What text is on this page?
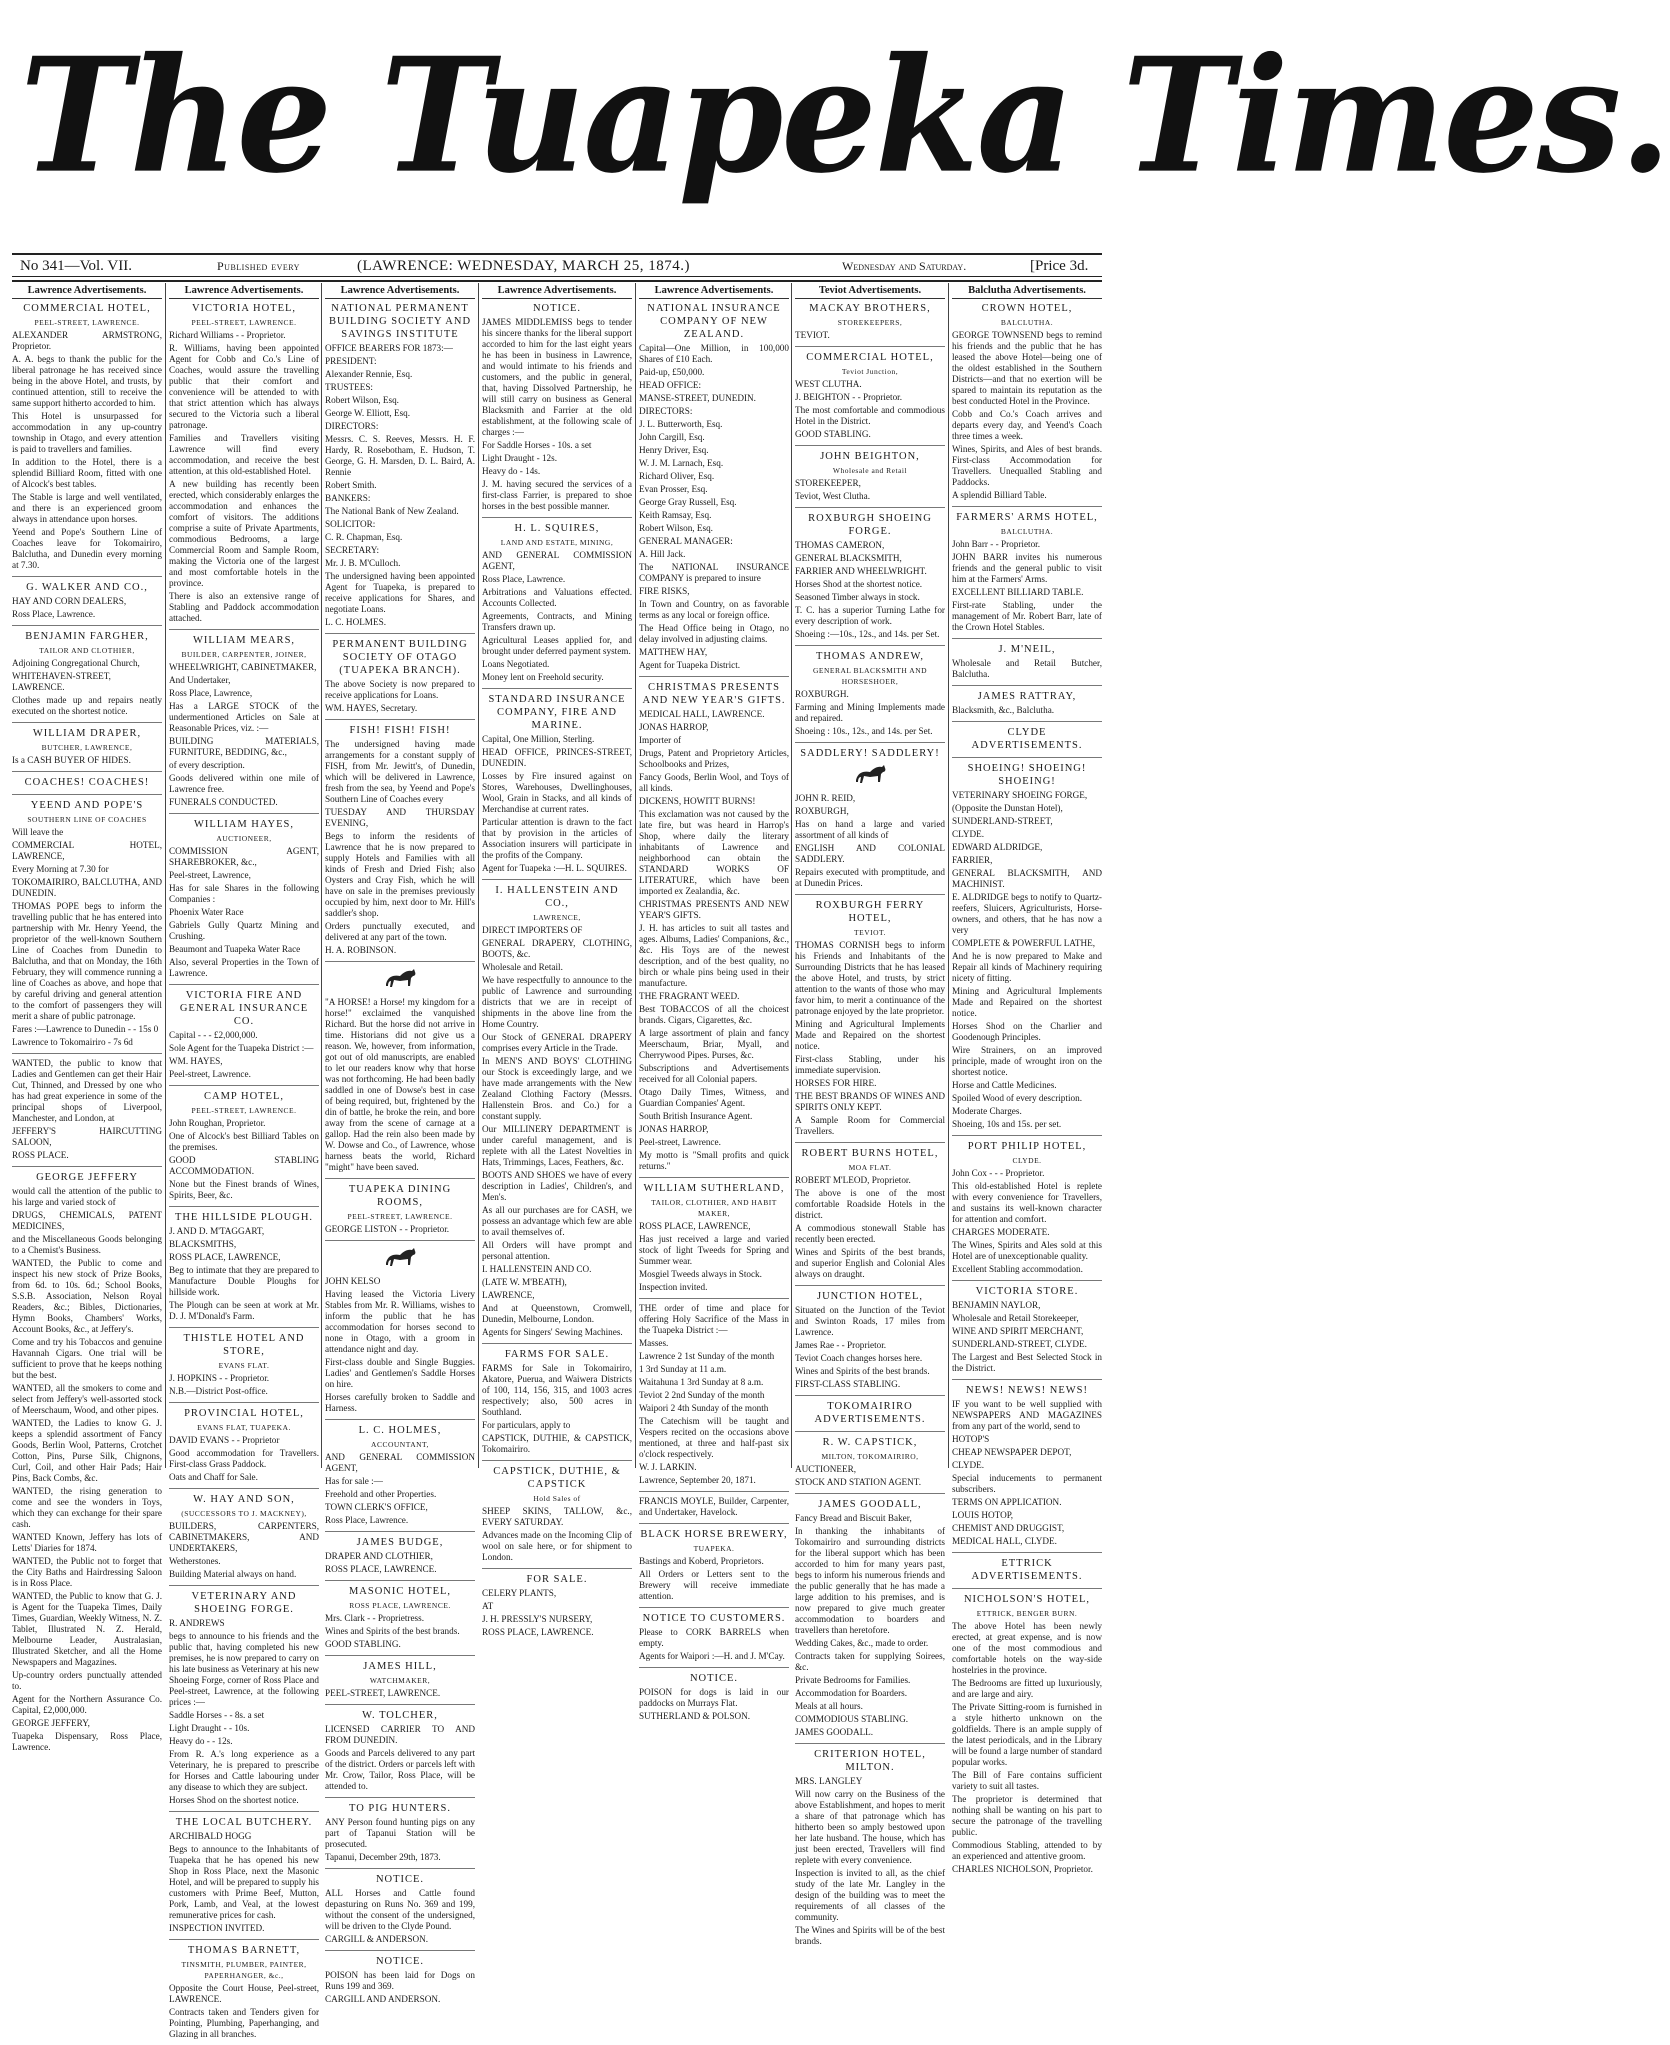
The Tuapeka Times.
No 341—Vol. VII.	Published every	(LAWRENCE: WEDNESDAY, MARCH 25, 1874.)	Wednesday and Saturday.	[Price 3d.
Lawrence Advertisements.
COMMERCIAL HOTEL,
PEEL-STREET, LAWRENCE.

ALEXANDER ARMSTRONG, Proprietor.

A. A. begs to thank the public for the liberal patronage he has received since being in the above Hotel, and trusts, by continued attention, still to receive the same support hitherto accorded to him.

This Hotel is unsurpassed for accommodation in any up-country township in Otago, and every attention is paid to travellers and families.

In addition to the Hotel, there is a splendid Billiard Room, fitted with one of Alcock's best tables.

The Stable is large and well ventilated, and there is an experienced groom always in attendance upon horses.

Yeend and Pope's Southern Line of Coaches leave for Tokomairiro, Balclutha, and Dunedin every morning at 7.30.

G. WALKER AND CO.,

HAY AND CORN DEALERS,

Ross Place, Lawrence.

BENJAMIN FARGHER,
TAILOR AND CLOTHIER,

Adjoining Congregational Church,

WHITEHAVEN-STREET, LAWRENCE.

Clothes made up and repairs neatly executed on the shortest notice.

WILLIAM DRAPER,
BUTCHER, LAWRENCE,

Is a CASH BUYER OF HIDES.

COACHES! COACHES!
YEEND AND POPE'S
SOUTHERN LINE OF COACHES

Will leave the

COMMERCIAL HOTEL, LAWRENCE,

Every Morning at 7.30 for

TOKOMAIRIRO, BALCLUTHA, AND DUNEDIN.

THOMAS POPE begs to inform the travelling public that he has entered into partnership with Mr. Henry Yeend, the proprietor of the well-known Southern Line of Coaches from Dunedin to Balclutha, and that on Monday, the 16th February, they will commence running a line of Coaches as above, and hope that by careful driving and general attention to the comfort of passengers they will merit a share of public patronage.

Fares :—Lawrence to Dunedin - - 15s 0

Lawrence to Tokomairiro - 7s 6d

WANTED, the public to know that Ladies and Gentlemen can get their Hair Cut, Thinned, and Dressed by one who has had great experience in some of the principal shops of Liverpool, Manchester, and London, at

JEFFERY'S HAIRCUTTING SALOON,

ROSS PLACE.

GEORGE JEFFERY

would call the attention of the public to his large and varied stock of

DRUGS, CHEMICALS, PATENT MEDICINES,

and the Miscellaneous Goods belonging to a Chemist's Business.

WANTED, the Public to come and inspect his new stock of Prize Books, from 6d. to 10s. 6d.; School Books, S.S.B. Association, Nelson Royal Readers, &c.; Bibles, Dictionaries, Hymn Books, Chambers' Works, Account Books, &c., at Jeffery's.

Come and try his Tobaccos and genuine Havannah Cigars. One trial will be sufficient to prove that he keeps nothing but the best.

WANTED, all the smokers to come and select from Jeffery's well-assorted stock of Meerschaum, Wood, and other pipes.

WANTED, the Ladies to know G. J. keeps a splendid assortment of Fancy Goods, Berlin Wool, Patterns, Crotchet Cotton, Pins, Purse Silk, Chignons, Curl, Coil, and other Hair Pads; Hair Pins, Back Combs, &c.

WANTED, the rising generation to come and see the wonders in Toys, which they can exchange for their spare cash.

WANTED Known, Jeffery has lots of Letts' Diaries for 1874.

WANTED, the Public not to forget that the City Baths and Hairdressing Saloon is in Ross Place.

WANTED, the Public to know that G. J. is Agent for the Tuapeka Times, Daily Times, Guardian, Weekly Witness, N. Z. Tablet, Illustrated N. Z. Herald, Melbourne Leader, Australasian, Illustrated Sketcher, and all the Home Newspapers and Magazines.

Up-country orders punctually attended to.

Agent for the Northern Assurance Co. Capital, £2,000,000.

GEORGE JEFFERY,

Tuapeka Dispensary, Ross Place, Lawrence.

Lawrence Advertisements.
VICTORIA HOTEL,
PEEL-STREET, LAWRENCE.

Richard Williams - - Proprietor.

R. Williams, having been appointed Agent for Cobb and Co.'s Line of Coaches, would assure the travelling public that their comfort and convenience will be attended to with that strict attention which has always secured to the Victoria such a liberal patronage.

Families and Travellers visiting Lawrence will find every accommodation, and receive the best attention, at this old-established Hotel.

A new building has recently been erected, which considerably enlarges the accommodation and enhances the comfort of visitors. The additions comprise a suite of Private Apartments, commodious Bedrooms, a large Commercial Room and Sample Room, making the Victoria one of the largest and most comfortable hotels in the province.

There is also an extensive range of Stabling and Paddock accommodation attached.

WILLIAM MEARS,
BUILDER, CARPENTER, JOINER,

WHEELWRIGHT, CABINETMAKER,

And Undertaker,

Ross Place, Lawrence,

Has a LARGE STOCK of the undermentioned Articles on Sale at Reasonable Prices, viz. :—

BUILDING MATERIALS, FURNITURE, BEDDING, &c.,

of every description.

Goods delivered within one mile of Lawrence free.

FUNERALS CONDUCTED.

WILLIAM HAYES,
AUCTIONEER,

COMMISSION AGENT, SHAREBROKER, &c.,

Peel-street, Lawrence,

Has for sale Shares in the following Companies :

Phoenix Water Race

Gabriels Gully Quartz Mining and Crushing.

Beaumont and Tuapeka Water Race

Also, several Properties in the Town of Lawrence.

VICTORIA FIRE AND GENERAL INSURANCE CO.

Capital - - - £2,000,000.

Sole Agent for the Tuapeka District :—

WM. HAYES,

Peel-street, Lawrence.

CAMP HOTEL,
PEEL-STREET, LAWRENCE.

John Roughan, Proprietor.

One of Alcock's best Billiard Tables on the premises.

GOOD STABLING ACCOMMODATION.

None but the Finest brands of Wines, Spirits, Beer, &c.

THE HILLSIDE PLOUGH.

J. AND D. M'TAGGART,

BLACKSMITHS,

ROSS PLACE, LAWRENCE,

Beg to intimate that they are prepared to Manufacture Double Ploughs for hillside work.

The Plough can be seen at work at Mr. D. J. M'Donald's Farm.

THISTLE HOTEL AND STORE,
EVANS FLAT.

J. HOPKINS - - Proprietor.

N.B.—District Post-office.

PROVINCIAL HOTEL,
EVANS FLAT, TUAPEKA.

DAVID EVANS - - Proprietor

Good accommodation for Travellers. First-class Grass Paddock.

Oats and Chaff for Sale.

W. HAY AND SON,
(SUCCESSORS TO J. MACKNEY),

BUILDERS, CARPENTERS, CABINETMAKERS, AND UNDERTAKERS,

Wetherstones.

Building Material always on hand.

VETERINARY AND SHOEING FORGE.

R. ANDREWS

begs to announce to his friends and the public that, having completed his new premises, he is now prepared to carry on his late business as Veterinary at his new Shoeing Forge, corner of Ross Place and Peel-street, Lawrence, at the following prices :—

Saddle Horses - - 8s. a set

Light Draught - - 10s.

Heavy do - - 12s.

From R. A.'s long experience as a Veterinary, he is prepared to prescribe for Horses and Cattle labouring under any disease to which they are subject.

Horses Shod on the shortest notice.

THE LOCAL BUTCHERY.

ARCHIBALD HOGG

Begs to announce to the Inhabitants of Tuapeka that he has opened his new Shop in Ross Place, next the Masonic Hotel, and will be prepared to supply his customers with Prime Beef, Mutton, Pork, Lamb, and Veal, at the lowest remunerative prices for cash.

INSPECTION INVITED.

THOMAS BARNETT,
TINSMITH, PLUMBER, PAINTER, PAPERHANGER, &c.,

Opposite the Court House, Peel-street, LAWRENCE.

Contracts taken and Tenders given for Pointing, Plumbing, Paperhanging, and Glazing in all branches.

Lawrence Advertisements.
NATIONAL PERMANENT BUILDING SOCIETY AND SAVINGS INSTITUTE

OFFICE BEARERS FOR 1873:—

PRESIDENT:

Alexander Rennie, Esq.

TRUSTEES:

Robert Wilson, Esq.

George W. Elliott, Esq.

DIRECTORS:

Messrs. C. S. Reeves, Messrs. H. F. Hardy, R. Rosebotham, E. Hudson, T. George, G. H. Marsden, D. L. Baird, A. Rennie

Robert Smith.

BANKERS:

The National Bank of New Zealand.

SOLICITOR:

C. R. Chapman, Esq.

SECRETARY:

Mr. J. B. M'Culloch.

The undersigned having been appointed Agent for Tuapeka, is prepared to receive applications for Shares, and negotiate Loans.

L. C. HOLMES.

PERMANENT BUILDING SOCIETY OF OTAGO (TUAPEKA BRANCH).

The above Society is now prepared to receive applications for Loans.

WM. HAYES, Secretary.

FISH! FISH! FISH!

The undersigned having made arrangements for a constant supply of FISH, from Mr. Jewitt's, of Dunedin, which will be delivered in Lawrence, fresh from the sea, by Yeend and Pope's Southern Line of Coaches every

TUESDAY AND THURSDAY EVENING,

Begs to inform the residents of Lawrence that he is now prepared to supply Hotels and Families with all kinds of Fresh and Dried Fish; also Oysters and Cray Fish, which he will have on sale in the premises previously occupied by him, next door to Mr. Hill's saddler's shop.

Orders punctually executed, and delivered at any part of the town.

H. A. ROBINSON.

"A HORSE! a Horse! my kingdom for a horse!" exclaimed the vanquished Richard. But the horse did not arrive in time. Historians did not give us a reason. We, however, from information, got out of old manuscripts, are enabled to let our readers know why that horse was not forthcoming. He had been badly saddled in one of Dowse's best in case of being required, but, frightened by the din of battle, he broke the rein, and bore away from the scene of carnage at a gallop. Had the rein also been made by W. Dowse and Co., of Lawrence, whose harness beats the world, Richard "might" have been saved.

TUAPEKA DINING ROOMS,
PEEL-STREET, LAWRENCE.

GEORGE LISTON - - Proprietor.

JOHN KELSO

Having leased the Victoria Livery Stables from Mr. R. Williams, wishes to inform the public that he has accommodation for horses second to none in Otago, with a groom in attendance night and day.

First-class double and Single Buggies. Ladies' and Gentlemen's Saddle Horses on hire.

Horses carefully broken to Saddle and Harness.

L. C. HOLMES,
ACCOUNTANT,

AND GENERAL COMMISSION AGENT,

Has for sale :—

Freehold and other Properties.

TOWN CLERK'S OFFICE,

Ross Place, Lawrence.

JAMES BUDGE,

DRAPER AND CLOTHIER,

ROSS PLACE, LAWRENCE.

MASONIC HOTEL,
ROSS PLACE, LAWRENCE.

Mrs. Clark - - Proprietress.

Wines and Spirits of the best brands.

GOOD STABLING.

JAMES HILL,
WATCHMAKER,

PEEL-STREET, LAWRENCE.

W. TOLCHER,

LICENSED CARRIER TO AND FROM DUNEDIN.

Goods and Parcels delivered to any part of the district. Orders or parcels left with Mr. Crow, Tailor, Ross Place, will be attended to.

TO PIG HUNTERS.

ANY Person found hunting pigs on any part of Tapanui Station will be prosecuted.

Tapanui, December 29th, 1873.

NOTICE.

ALL Horses and Cattle found depasturing on Runs No. 369 and 199, without the consent of the undersigned, will be driven to the Clyde Pound.

CARGILL & ANDERSON.

NOTICE.

POISON has been laid for Dogs on Runs 199 and 369.

CARGILL AND ANDERSON.

Lawrence Advertisements.
NOTICE.

JAMES MIDDLEMISS begs to tender his sincere thanks for the liberal support accorded to him for the last eight years he has been in business in Lawrence, and would intimate to his friends and customers, and the public in general, that, having Dissolved Partnership, he will still carry on business as General Blacksmith and Farrier at the old establishment, at the following scale of charges :—

For Saddle Horses - 10s. a set

Light Draught - 12s.

Heavy do - 14s.

J. M. having secured the services of a first-class Farrier, is prepared to shoe horses in the best possible manner.

H. L. SQUIRES,
LAND AND ESTATE, MINING,

AND GENERAL COMMISSION AGENT,

Ross Place, Lawrence.

Arbitrations and Valuations effected. Accounts Collected.

Agreements, Contracts, and Mining Transfers drawn up.

Agricultural Leases applied for, and brought under deferred payment system.

Loans Negotiated.

Money lent on Freehold security.

STANDARD INSURANCE COMPANY, FIRE AND MARINE.

Capital, One Million, Sterling.

HEAD OFFICE, PRINCES-STREET, DUNEDIN.

Losses by Fire insured against on Stores, Warehouses, Dwellinghouses, Wool, Grain in Stacks, and all kinds of Merchandise at current rates.

Particular attention is drawn to the fact that by provision in the articles of Association insurers will participate in the profits of the Company.

Agent for Tuapeka :—H. L. SQUIRES.

I. HALLENSTEIN AND CO.,
LAWRENCE,

DIRECT IMPORTERS OF

GENERAL DRAPERY, CLOTHING, BOOTS, &c.

Wholesale and Retail.

We have respectfully to announce to the public of Lawrence and surrounding districts that we are in receipt of shipments in the above line from the Home Country.

Our Stock of GENERAL DRAPERY comprises every Article in the Trade.

In MEN'S AND BOYS' CLOTHING our Stock is exceedingly large, and we have made arrangements with the New Zealand Clothing Factory (Messrs. Hallenstein Bros. and Co.) for a constant supply.

Our MILLINERY DEPARTMENT is under careful management, and is replete with all the Latest Novelties in Hats, Trimmings, Laces, Feathers, &c.

BOOTS AND SHOES we have of every description in Ladies', Children's, and Men's.

As all our purchases are for CASH, we possess an advantage which few are able to avail themselves of.

All Orders will have prompt and personal attention.

I. HALLENSTEIN AND CO.

(LATE W. M'BEATH),

LAWRENCE,

And at Queenstown, Cromwell, Dunedin, Melbourne, London.

Agents for Singers' Sewing Machines.

FARMS FOR SALE.

FARMS for Sale in Tokomairiro, Akatore, Puerua, and Waiwera Districts of 100, 114, 156, 315, and 1003 acres respectively; also, 500 acres in Southland.

For particulars, apply to

CAPSTICK, DUTHIE, & CAPSTICK, Tokomairiro.

CAPSTICK, DUTHIE, & CAPSTICK
Hold Sales of

SHEEP SKINS, TALLOW, &c., EVERY SATURDAY.

Advances made on the Incoming Clip of wool on sale here, or for shipment to London.

FOR SALE.

CELERY PLANTS,

AT

J. H. PRESSLY'S NURSERY,

ROSS PLACE, LAWRENCE.

Lawrence Advertisements.
NATIONAL INSURANCE COMPANY OF NEW ZEALAND.

Capital—One Million, in 100,000 Shares of £10 Each.

Paid-up, £50,000.

HEAD OFFICE:

MANSE-STREET, DUNEDIN.

DIRECTORS:

J. L. Butterworth, Esq.

John Cargill, Esq.

Henry Driver, Esq.

W. J. M. Larnach, Esq.

Richard Oliver, Esq.

Evan Prosser, Esq.

George Gray Russell, Esq.

Keith Ramsay, Esq.

Robert Wilson, Esq.

GENERAL MANAGER:

A. Hill Jack.

The NATIONAL INSURANCE COMPANY is prepared to insure

FIRE RISKS,

In Town and Country, on as favorable terms as any local or foreign office.

The Head Office being in Otago, no delay involved in adjusting claims.

MATTHEW HAY,

Agent for Tuapeka District.

CHRISTMAS PRESENTS AND NEW YEAR'S GIFTS.

MEDICAL HALL, LAWRENCE.

JONAS HARROP,

Importer of

Drugs, Patent and Proprietory Articles, Schoolbooks and Prizes,

Fancy Goods, Berlin Wool, and Toys of all kinds.

DICKENS, HOWITT BURNS!

This exclamation was not caused by the late fire, but was heard in Harrop's Shop, where daily the literary inhabitants of Lawrence and neighborhood can obtain the STANDARD WORKS OF LITERATURE, which have been imported ex Zealandia, &c.

CHRISTMAS PRESENTS AND NEW YEAR'S GIFTS.

J. H. has articles to suit all tastes and ages. Albums, Ladies' Companions, &c., &c. His Toys are of the newest description, and of the best quality, no birch or whale pins being used in their manufacture.

THE FRAGRANT WEED.

Best TOBACCOS of all the choicest brands. Cigars, Cigarettes, &c.

A large assortment of plain and fancy Meerschaum, Briar, Myall, and Cherrywood Pipes. Purses, &c.

Subscriptions and Advertisements received for all Colonial papers.

Otago Daily Times, Witness, and Guardian Companies' Agent.

South British Insurance Agent.

JONAS HARROP,

Peel-street, Lawrence.

My motto is "Small profits and quick returns."

WILLIAM SUTHERLAND,
TAILOR, CLOTHIER, AND HABIT MAKER,

ROSS PLACE, LAWRENCE,

Has just received a large and varied stock of light Tweeds for Spring and Summer wear.

Mosgiel Tweeds always in Stock.

Inspection invited.

THE order of time and place for offering Holy Sacrifice of the Mass in the Tuapeka District :—

Masses.

Lawrence 2 1st Sunday of the month

1 3rd Sunday at 11 a.m.

Waitahuna 1 3rd Sunday at 8 a.m.

Teviot 2 2nd Sunday of the month

Waipori 2 4th Sunday of the month

The Catechism will be taught and Vespers recited on the occasions above mentioned, at three and half-past six o'clock respectively.

W. J. LARKIN.

Lawrence, September 20, 1871.

FRANCIS MOYLE, Builder, Carpenter, and Undertaker, Havelock.

BLACK HORSE BREWERY,
TUAPEKA.

Bastings and Koberd, Proprietors.

All Orders or Letters sent to the Brewery will receive immediate attention.

NOTICE TO CUSTOMERS.

Please to CORK BARRELS when empty.

Agents for Waipori :—H. and J. M'Cay.

NOTICE.

POISON for dogs is laid in our paddocks on Murrays Flat.

SUTHERLAND & POLSON.

Teviot Advertisements.
MACKAY BROTHERS,
STOREKEEPERS,

TEVIOT.

COMMERCIAL HOTEL,
Teviot Junction,

WEST CLUTHA.

J. BEIGHTON - - Proprietor.

The most comfortable and commodious Hotel in the District.

GOOD STABLING.

JOHN BEIGHTON,
Wholesale and Retail

STOREKEEPER,

Teviot, West Clutha.

ROXBURGH SHOEING FORGE.

THOMAS CAMERON,

GENERAL BLACKSMITH,

FARRIER AND WHEELWRIGHT.

Horses Shod at the shortest notice.

Seasoned Timber always in stock.

T. C. has a superior Turning Lathe for every description of work.

Shoeing :—10s., 12s., and 14s. per Set.

THOMAS ANDREW,
GENERAL BLACKSMITH AND HORSESHOER,

ROXBURGH.

Farming and Mining Implements made and repaired.

Shoeing : 10s., 12s., and 14s. per Set.

SADDLERY! SADDLERY!

JOHN R. REID,

ROXBURGH,

Has on hand a large and varied assortment of all kinds of

ENGLISH AND COLONIAL SADDLERY.

Repairs executed with promptitude, and at Dunedin Prices.

ROXBURGH FERRY HOTEL,
TEVIOT.

THOMAS CORNISH begs to inform his Friends and Inhabitants of the Surrounding Districts that he has leased the above Hotel, and trusts, by strict attention to the wants of those who may favor him, to merit a continuance of the patronage enjoyed by the late proprietor.

Mining and Agricultural Implements Made and Repaired on the shortest notice.

First-class Stabling, under his immediate supervision.

HORSES FOR HIRE.

THE BEST BRANDS OF WINES AND SPIRITS ONLY KEPT.

A Sample Room for Commercial Travellers.

ROBERT BURNS HOTEL,
MOA FLAT.

ROBERT M'LEOD, Proprietor.

The above is one of the most comfortable Roadside Hotels in the district.

A commodious stonewall Stable has recently been erected.

Wines and Spirits of the best brands, and superior English and Colonial Ales always on draught.

JUNCTION HOTEL,

Situated on the Junction of the Teviot and Swinton Roads, 17 miles from Lawrence.

James Rae - - Proprietor.

Teviot Coach changes horses here.

Wines and Spirits of the best brands.

FIRST-CLASS STABLING.

TOKOMAIRIRO ADVERTISEMENTS.
R. W. CAPSTICK,
MILTON, TOKOMAIRIRO,

AUCTIONEER,

STOCK AND STATION AGENT.

JAMES GOODALL,

Fancy Bread and Biscuit Baker,

In thanking the inhabitants of Tokomairiro and surrounding districts for the liberal support which has been accorded to him for many years past, begs to inform his numerous friends and the public generally that he has made a large addition to his premises, and is now prepared to give much greater accommodation to boarders and travellers than heretofore.

Wedding Cakes, &c., made to order.

Contracts taken for supplying Soirees, &c.

Private Bedrooms for Families.

Accommodation for Boarders.

Meals at all hours.

COMMODIOUS STABLING.

JAMES GOODALL.

CRITERION HOTEL, MILTON.

MRS. LANGLEY

Will now carry on the Business of the above Establishment, and hopes to merit a share of that patronage which has hitherto been so amply bestowed upon her late husband. The house, which has just been erected, Travellers will find replete with every convenience.

Inspection is invited to all, as the chief study of the late Mr. Langley in the design of the building was to meet the requirements of all classes of the community.

The Wines and Spirits will be of the best brands.

Balclutha Advertisements.
CROWN HOTEL,
BALCLUTHA.

GEORGE TOWNSEND begs to remind his friends and the public that he has leased the above Hotel—being one of the oldest established in the Southern Districts—and that no exertion will be spared to maintain its reputation as the best conducted Hotel in the Province.

Cobb and Co.'s Coach arrives and departs every day, and Yeend's Coach three times a week.

Wines, Spirits, and Ales of best brands. First-class Accommodation for Travellers. Unequalled Stabling and Paddocks.

A splendid Billiard Table.

FARMERS' ARMS HOTEL,
BALCLUTHA.

John Barr - - Proprietor.

JOHN BARR invites his numerous friends and the general public to visit him at the Farmers' Arms.

EXCELLENT BILLIARD TABLE.

First-rate Stabling, under the management of Mr. Robert Barr, late of the Crown Hotel Stables.

J. M'NEIL,

Wholesale and Retail Butcher, Balclutha.

JAMES RATTRAY,

Blacksmith, &c., Balclutha.

CLYDE ADVERTISEMENTS.
SHOEING! SHOEING! SHOEING!

VETERINARY SHOEING FORGE,

(Opposite the Dunstan Hotel),

SUNDERLAND-STREET,

CLYDE.

EDWARD ALDRIDGE,

FARRIER,

GENERAL BLACKSMITH, AND MACHINIST.

E. ALDRIDGE begs to notify to Quartz-reefers, Sluicers, Agriculturists, Horse-owners, and others, that he has now a very

COMPLETE & POWERFUL LATHE,

And he is now prepared to Make and Repair all kinds of Machinery requiring nicety of fitting.

Mining and Agricultural Implements Made and Repaired on the shortest notice.

Horses Shod on the Charlier and Goodenough Principles.

Wire Strainers, on an improved principle, made of wrought iron on the shortest notice.

Horse and Cattle Medicines.

Spoiled Wood of every description.

Moderate Charges.

Shoeing, 10s and 15s. per set.

PORT PHILIP HOTEL,
CLYDE.

John Cox - - - Proprietor.

This old-established Hotel is replete with every convenience for Travellers, and sustains its well-known character for attention and comfort.

CHARGES MODERATE.

The Wines, Spirits and Ales sold at this Hotel are of unexceptionable quality.

Excellent Stabling accommodation.

VICTORIA STORE.

BENJAMIN NAYLOR,

Wholesale and Retail Storekeeper,

WINE AND SPIRIT MERCHANT,

SUNDERLAND-STREET, CLYDE.

The Largest and Best Selected Stock in the District.

NEWS! NEWS! NEWS!

IF you want to be well supplied with NEWSPAPERS AND MAGAZINES from any part of the world, send to

HOTOP'S

CHEAP NEWSPAPER DEPOT,

CLYDE.

Special inducements to permanent subscribers.

TERMS ON APPLICATION.

LOUIS HOTOP,

CHEMIST AND DRUGGIST,

MEDICAL HALL, CLYDE.

ETTRICK ADVERTISEMENTS.
NICHOLSON'S HOTEL,
ETTRICK, BENGER BURN.

The above Hotel has been newly erected, at great expense, and is now one of the most commodious and comfortable hotels on the way-side hostelries in the province.

The Bedrooms are fitted up luxuriously, and are large and airy.

The Private Sitting-room is furnished in a style hitherto unknown on the goldfields. There is an ample supply of the latest periodicals, and in the Library will be found a large number of standard popular works.

The Bill of Fare contains sufficient variety to suit all tastes.

The proprietor is determined that nothing shall be wanting on his part to secure the patronage of the travelling public.

Commodious Stabling, attended to by an experienced and attentive groom.

CHARLES NICHOLSON, Proprietor.
